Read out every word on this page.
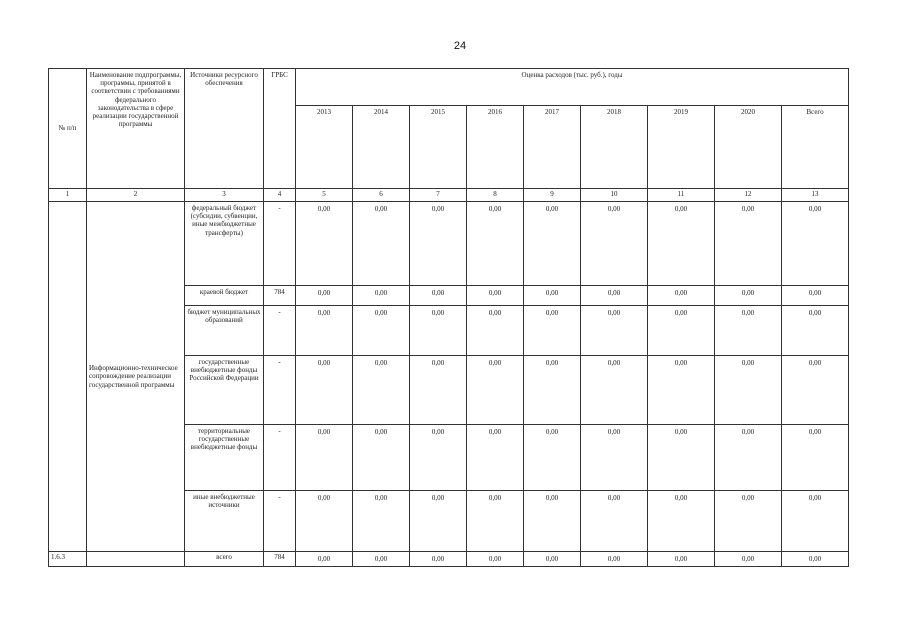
24
№ п/п	Наименование подпрограммы, программы, принятой в соответствии с требованиями федерального законодательства в сфере реализации государственной программы	Источники ресурсного обеспечения	ГРБС	Оценка расходов (тыс. руб.), годы								
				2013	2014	2015	2016	2017	2018	2019	2020	Всего
1	2	3	4	5	6	7	8	9	10	11	12	13
	Информационно-техническое сопровождение реализации государственной программы	федеральный бюджет (субсидии, субвенции, иные межбюджетные трансферты)	-	0,00	0,00	0,00	0,00	0,00	0,00	0,00	0,00	0,00
		краевой бюджет	784	0,00	0,00	0,00	0,00	0,00	0,00	0,00	0,00	0,00
		бюджет муниципальных образований	-	0,00	0,00	0,00	0,00	0,00	0,00	0,00	0,00	0,00
		государственные внебюджетные фонды Российской Федерации	-	0,00	0,00	0,00	0,00	0,00	0,00	0,00	0,00	0,00
		территориальные государственные внебюджетные фонды	-	0,00	0,00	0,00	0,00	0,00	0,00	0,00	0,00	0,00
		иные внебюджетные источники	-	0,00	0,00	0,00	0,00	0,00	0,00	0,00	0,00	0,00
1.6.3		всего	784	0,00	0,00	0,00	0,00	0,00	0,00	0,00	0,00	0,00
